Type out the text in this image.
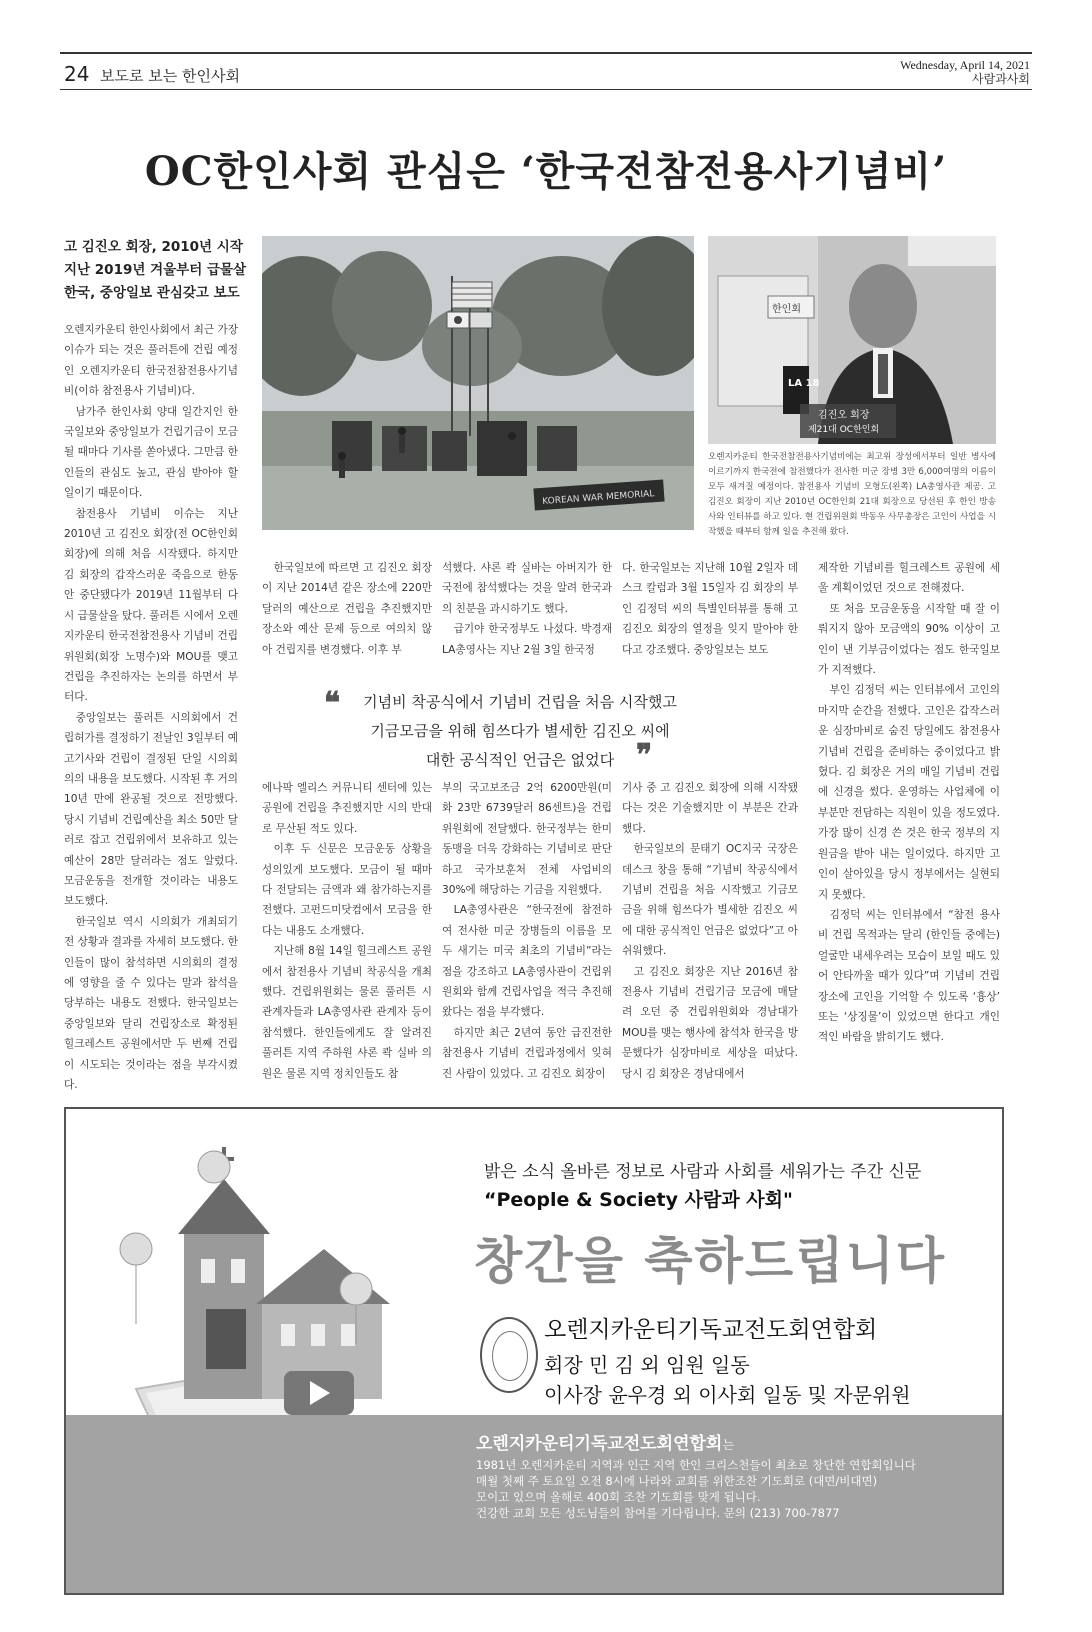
24 보도로 보는 한인사회
Wednesday, April 14, 2021
사람과사회
OC한인사회 관심은 ‘한국전참전용사기념비’
고 김진오 회장, 2010년 시작
지난 2019년 겨울부터 급물살
한국, 중앙일보 관심갖고 보도

오렌지카운티 한인사회에서 최근 가장 이슈가 되는 것은 풀러튼에 건립 예정인 오렌지카운티 한국전참전용사기념비(이하 참전용사 기념비)다.

남가주 한인사회 양대 일간지인 한국일보와 중앙일보가 건립기금이 모금될 때마다 기사를 쏟아냈다. 그만큼 한인들의 관심도 높고, 관심 받아야 할 일이기 때문이다.

참전용사 기념비 이슈는 지난 2010년 고 김진오 회장(전 OC한인회 회장)에 의해 처음 시작됐다. 하지만 김 회장의 갑작스러운 죽음으로 한동안 중단됐다가 2019년 11월부터 다시 급물살을 탔다. 풀러튼 시에서 오렌지카운티 한국전참전용사 기념비 건립위원회(회장 노명수)와 MOU를 맺고 건립을 추진하자는 논의를 하면서 부터다.

중앙일보는 풀러튼 시의회에서 건립허가를 결정하기 전날인 3일부터 예고기사와 건립이 결정된 단일 시의회의의 내용을 보도했다. 시작된 후 거의 10년 만에 완공될 것으로 전망했다. 당시 기념비 건립예산을 최소 50만 달러로 잡고 건립위에서 보유하고 있는 예산이 28만 달러라는 점도 알렸다. 모금운동을 전개할 것이라는 내용도 보도했다.

한국일보 역시 시의회가 개최되기 전 상황과 결과를 자세히 보도했다. 한인들이 많이 참석하면 시의회의 결정에 영향을 줄 수 있다는 말과 참석을 당부하는 내용도 전했다. 한국일보는 중앙일보와 달리 건립장소로 확정된 힐크레스트 공원에서만 두 번째 건립이 시도되는 것이라는 점을 부각시켰다.

KOREAN WAR MEMORIAL
한인회
LA 18
김진오 회장
제21대 OC한인회
오렌지카운티 한국전참전용사기념비에는 최고위 장성에서부터 일반 병사에 이르기까지 한국전에 참전했다가 전사한 미군 장병 3만 6,000여명의 이름이 모두 새겨질 예정이다. 참전용사 기념비 모형도(왼쪽) LA총영사관 제공. 고 김진오 회장이 지난 2010년 OC한인회 21대 회장으로 당선된 후 한인 방송사와 인터뷰를 하고 있다. 현 건립위원회 박동우 사무총장은 고인이 사업을 시작했을 때부터 함께 일을 추진해 왔다.

한국일보에 따르면 고 김진오 회장이 지난 2014년 같은 장소에 220만 달러의 예산으로 건립을 추진했지만 장소와 예산 문제 등으로 여의치 않아 건립지를 변경했다. 이후 부

석했다. 샤론 콱 실바는 아버지가 한국전에 참석했다는 것을 알려 한국과의 친분을 과시하기도 했다.

급기야 한국정부도 나섰다. 박경재 LA총영사는 지난 2월 3일 한국정

다. 한국일보는 지난해 10월 2일자 데스크 칼럼과 3월 15일자 김 회장의 부인 김정덕 씨의 특별인터뷰를 통해 고 김진오 회장의 열정을 잊지 말아야 한다고 강조했다. 중앙일보는 보도

❝	기념비 착공식에서 기념비 건립을 처음 시작했고
기금모금을 위해 힘쓰다가 별세한 김진오 씨에
대한 공식적인 언급은 없었다 ❞

에나팍 엘리스 커뮤니티 센터에 있는 공원에 건립을 추진했지만 시의 반대로 무산된 적도 있다.

이후 두 신문은 모금운동 상황을 성의있게 보도했다. 모금이 될 때마다 전달되는 금액과 왜 참가하는지를 전했다. 고펀드미닷컴에서 모금을 한다는 내용도 소개했다.

지난해 8월 14일 힐크레스트 공원에서 참전용사 기념비 착공식을 개최했다. 건립위원회는 물론 풀러튼 시 관계자들과 LA총영사관 관계자 등이 참석했다. 한인들에게도 잘 알려진 풀러튼 지역 주하원 샤론 콱 실바 의원은 물론 지역 정치인들도 참

부의 국고보조금 2억 6200만원(미화 23만 6739달러 86센트)을 건립위원회에 전달했다. 한국정부는 한미동맹을 더욱 강화하는 기념비로 판단하고 국가보훈처 전체 사업비의 30%에 해당하는 기금을 지원했다.

LA총영사관은 “한국전에 참전하여 전사한 미군 장병들의 이름을 모두 새기는 미국 최초의 기념비”라는 점을 강조하고 LA총영사관이 건립위원회와 함께 건립사업을 적극 추진해 왔다는 점을 부각했다.

하지만 최근 2년여 동안 급진전한 참전용사 기념비 건립과정에서 잊혀진 사람이 있었다. 고 김진오 회장이

기사 중 고 김진오 회장에 의해 시작됐다는 것은 기술했지만 이 부분은 간과했다.

한국일보의 문태기 OC지국 국장은 데스크 창을 통해 “기념비 착공식에서 기념비 건립을 처음 시작했고 기금모금을 위해 힘쓰다가 별세한 김진오 씨에 대한 공식적인 언급은 없었다”고 아쉬워했다.

고 김진오 회장은 지난 2016년 참전용사 기념비 건립기금 모금에 매달려 오던 중 건립위원회와 경남대가 MOU를 맺는 행사에 참석차 한국을 방문했다가 심장마비로 세상을 떠났다. 당시 김 회장은 경남대에서

제작한 기념비를 힐크레스트 공원에 세울 계획이었던 것으로 전해졌다.

또 처음 모금운동을 시작할 때 잘 이뤄지지 않아 모금액의 90% 이상이 고인이 낸 기부금이었다는 점도 한국일보가 지적했다.

부인 김정덕 씨는 인터뷰에서 고인의 마지막 순간을 전했다. 고인은 갑작스러운 심장마비로 숨진 당일에도 참전용사 기념비 건립을 준비하는 중이었다고 밝혔다. 김 회장은 거의 매일 기념비 건립에 신경을 썼다. 운영하는 사업체에 이 부분만 전담하는 직원이 있을 정도였다. 가장 많이 신경 쓴 것은 한국 정부의 지원금을 받아 내는 일이었다. 하지만 고인이 살아있을 당시 정부에서는 실현되지 못했다.

김정덕 씨는 인터뷰에서 “참전 용사비 건립 목적과는 달리 (한인들 중에는) 얼굴만 내세우려는 모습이 보일 때도 있어 안타까울 때가 있다”며 기념비 건립장소에 고인을 기억할 수 있도록 ‘흉상’ 또는 ‘상징물’이 있었으면 한다고 개인적인 바람을 밝히기도 했다.

밝은 소식 올바른 정보로 사람과 사회를 세워가는 주간 신문
“People & Society 사람과 사회"
창간을 축하드립니다
오렌지카운티기독교전도회연합회
회장 민 김 외 임원 일동
이사장 윤우경 외 이사회 일동 및 자문위원
오렌지카운티기독교전도회연합회는
1981년 오렌지카운티 지역과 인근 지역 한인 크리스천들이 최초로 창단한 연합회입니다
매월 첫째 주 토요일 오전 8시에 나라와 교회를 위한조찬 기도회로 (대면/비대면)
모이고 있으며 올해로 400회 조찬 기도회를 맞게 됩니다.
건강한 교회 모든 성도님들의 참여를 기다립니다. 문의 (213) 700-7877
